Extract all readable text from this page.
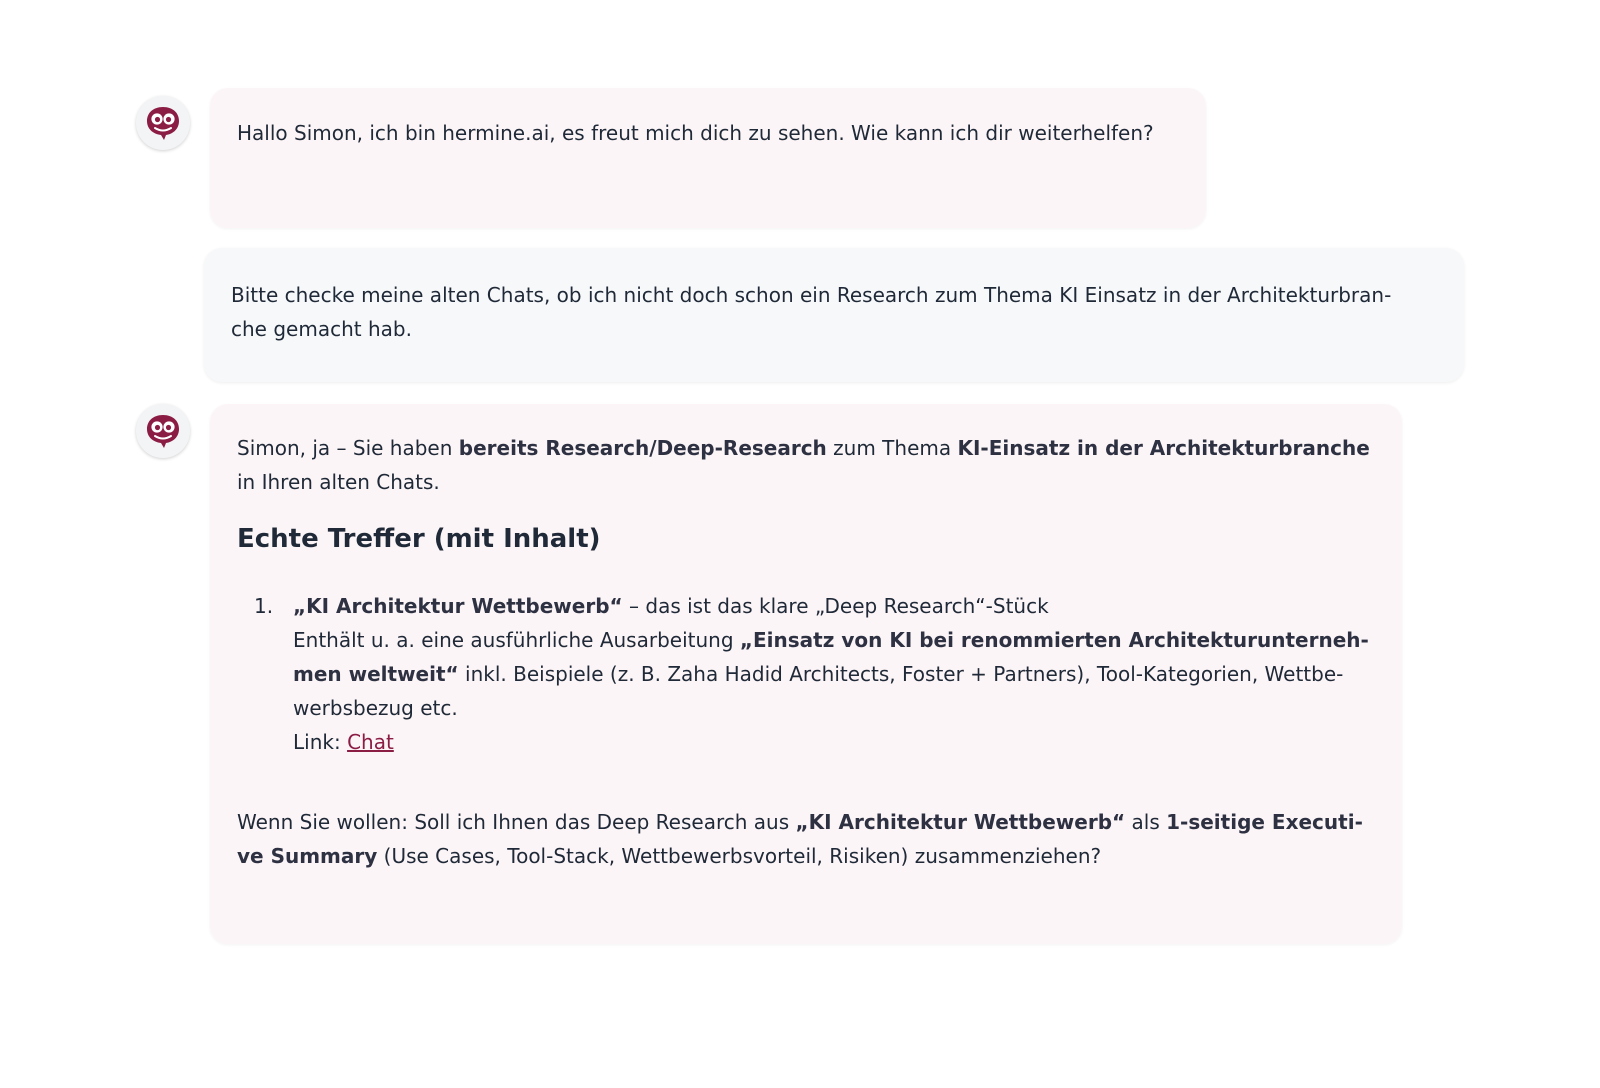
Hallo Simon, ich bin hermine.ai, es freut mich dich zu sehen. Wie kann ich dir weiterhelfen?
Bitte checke meine alten Chats, ob ich nicht doch schon ein Research zum Thema KI Einsatz in der Architekturbran-
che gemacht hab.
Simon, ja – Sie haben bereits Research/Deep-Research zum Thema KI-Einsatz in der Architekturbranche
in Ihren alten Chats.
Echte Treffer (mit Inhalt)
1. „KI Architektur Wettbewerb“ – das ist das klare „Deep Research“-Stück
Enthält u. a. eine ausführliche Ausarbeitung „Einsatz von KI bei renommierten Architekturunterneh-
men weltweit“ inkl. Beispiele (z. B. Zaha Hadid Architects, Foster + Partners), Tool-Kategorien, Wettbe-
werbsbezug etc.
Link: Chat
Wenn Sie wollen: Soll ich Ihnen das Deep Research aus „KI Architektur Wettbewerb“ als 1-seitige Executi-
ve Summary (Use Cases, Tool-Stack, Wettbewerbsvorteil, Risiken) zusammenziehen?
